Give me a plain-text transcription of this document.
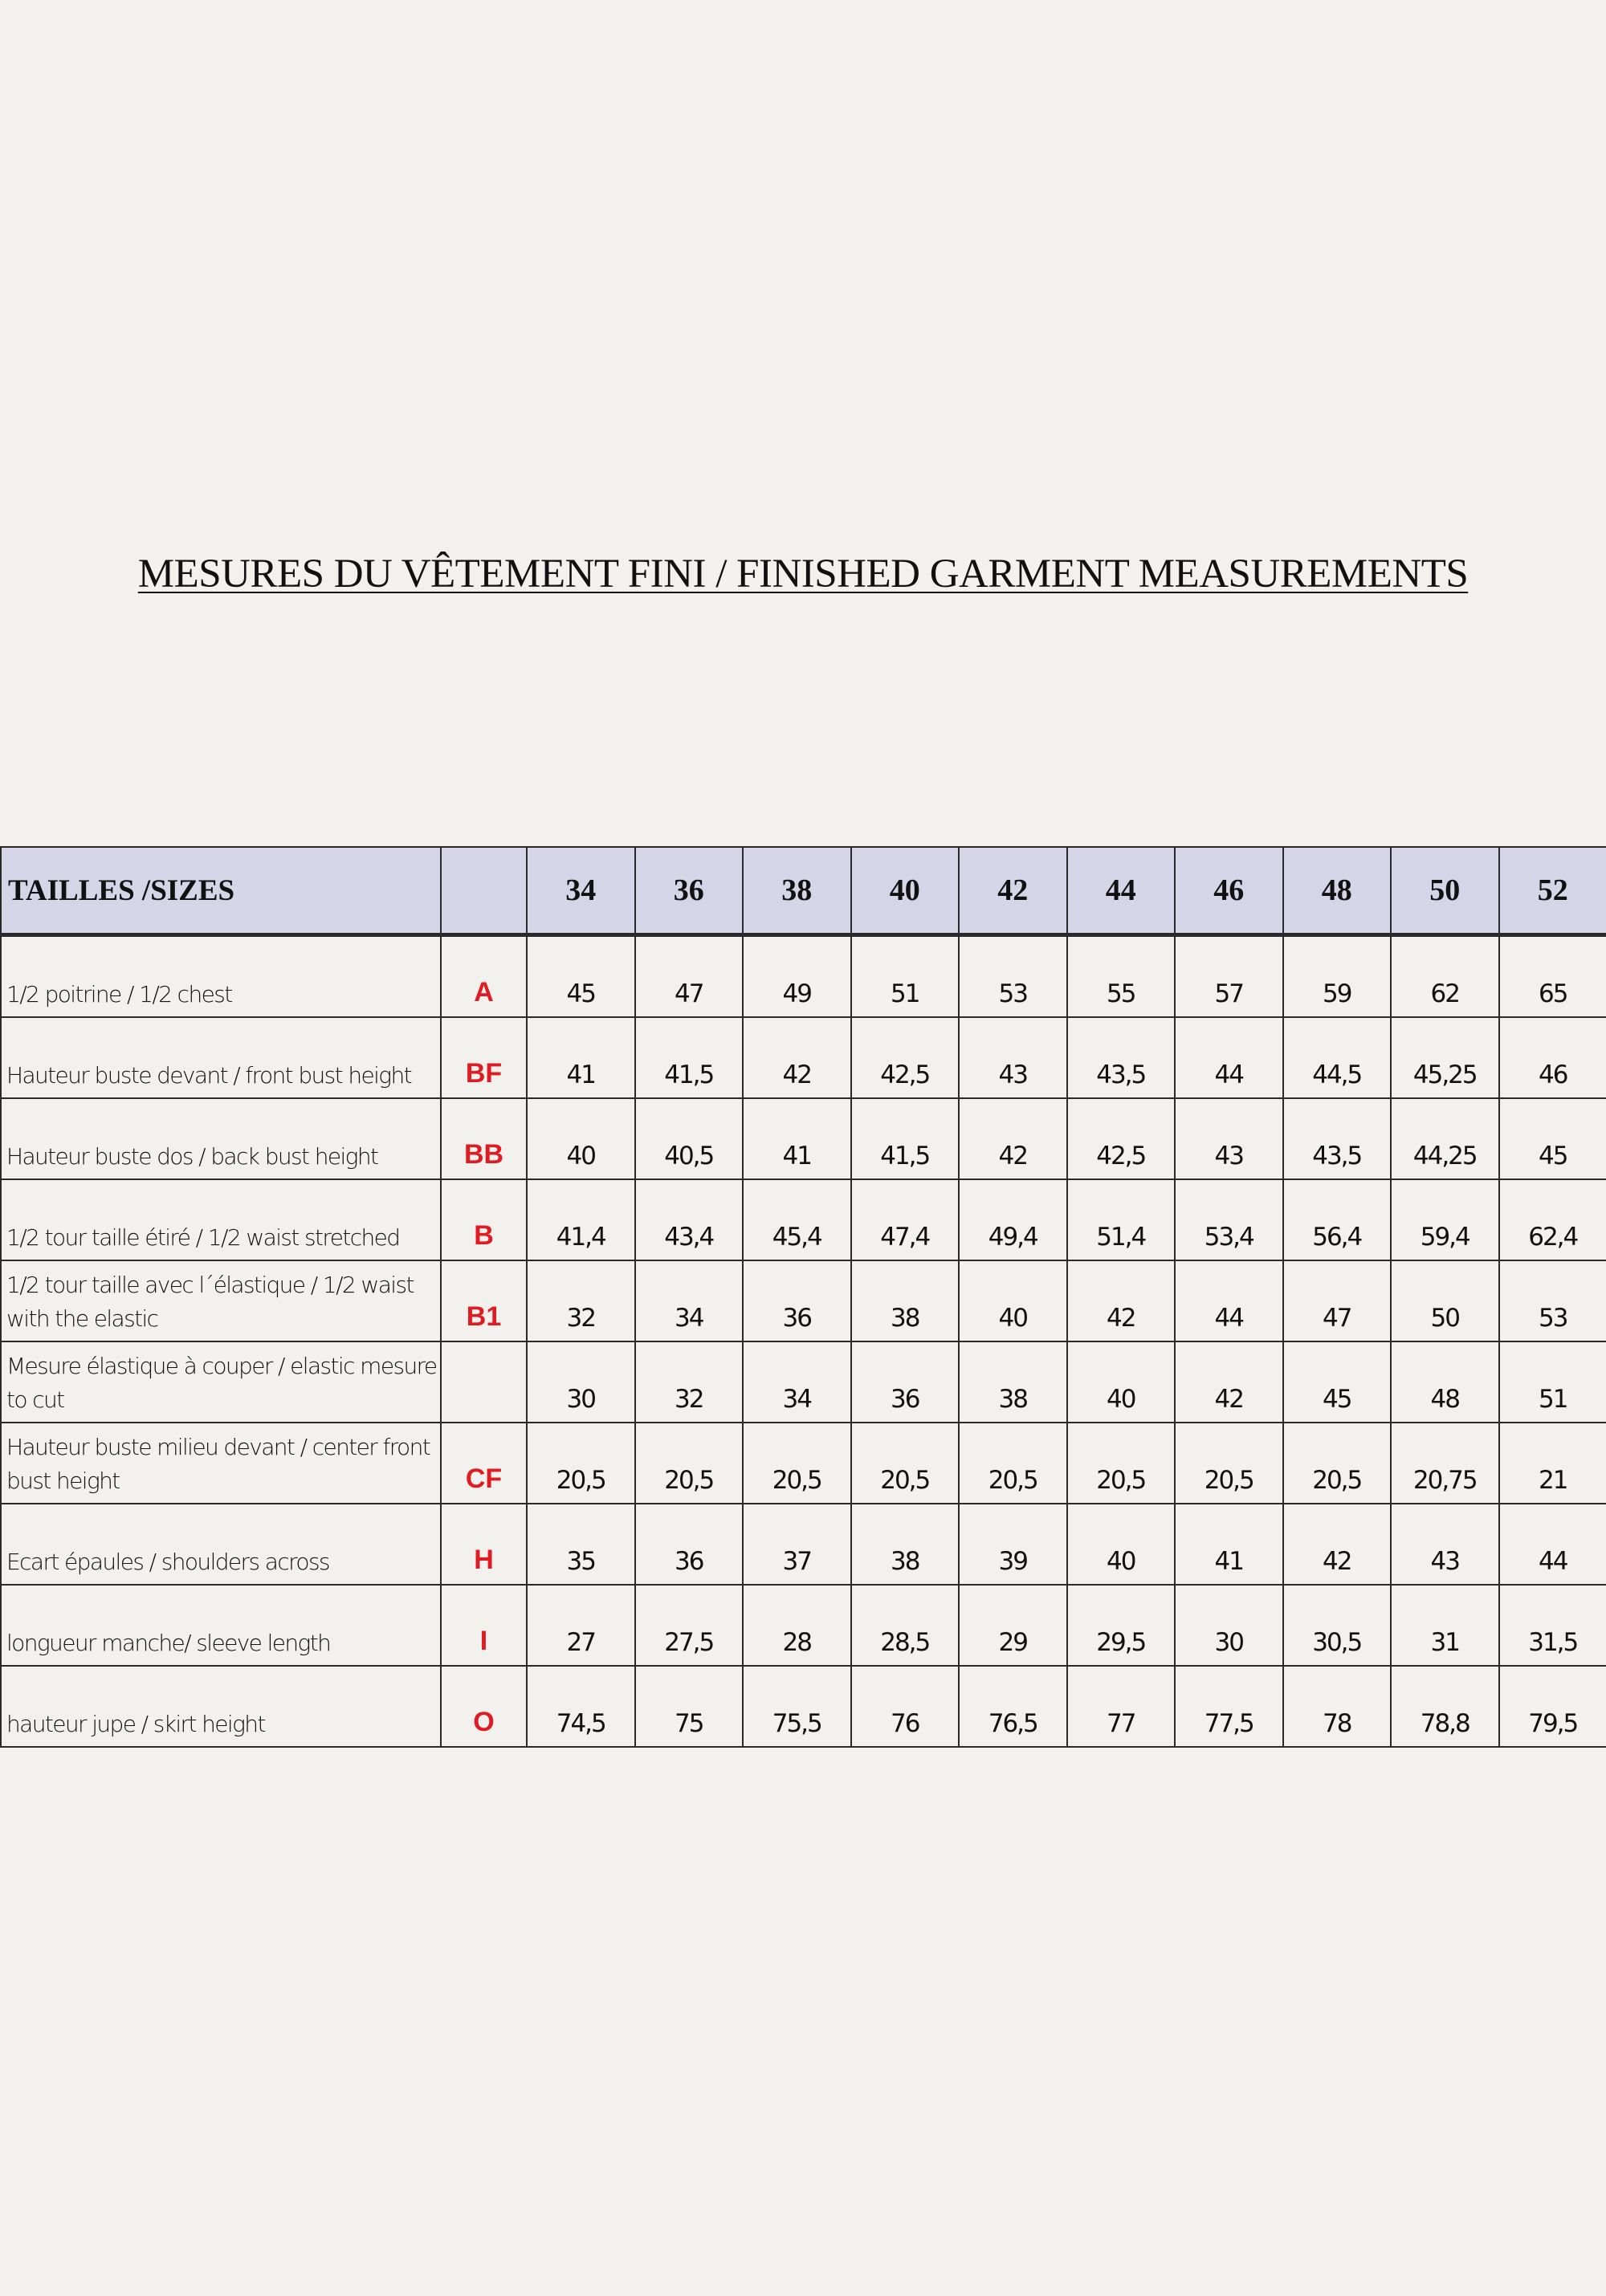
MESURES DU VÊTEMENT FINI / FINISHED GARMENT MEASUREMENTS
TAILLES /SIZES		34	36	38	40	42	44	46	48	50	52
1/2 poitrine / 1/2 chest	A	45	47	49	51	53	55	57	59	62	65
Hauteur buste devant / front bust height	BF	41	41,5	42	42,5	43	43,5	44	44,5	45,25	46
Hauteur buste dos / back bust height	BB	40	40,5	41	41,5	42	42,5	43	43,5	44,25	45
1/2 tour taille étiré / 1/2 waist stretched	B	41,4	43,4	45,4	47,4	49,4	51,4	53,4	56,4	59,4	62,4
1/2 tour taille avec l´élastique / 1/2 waist with the elastic	B1	32	34	36	38	40	42	44	47	50	53
Mesure élastique à couper / elastic mesure to cut		30	32	34	36	38	40	42	45	48	51
Hauteur buste milieu devant / center front bust height	CF	20,5	20,5	20,5	20,5	20,5	20,5	20,5	20,5	20,75	21
Ecart épaules / shoulders across	H	35	36	37	38	39	40	41	42	43	44
longueur manche/ sleeve length	I	27	27,5	28	28,5	29	29,5	30	30,5	31	31,5
hauteur jupe / skirt height	O	74,5	75	75,5	76	76,5	77	77,5	78	78,8	79,5
